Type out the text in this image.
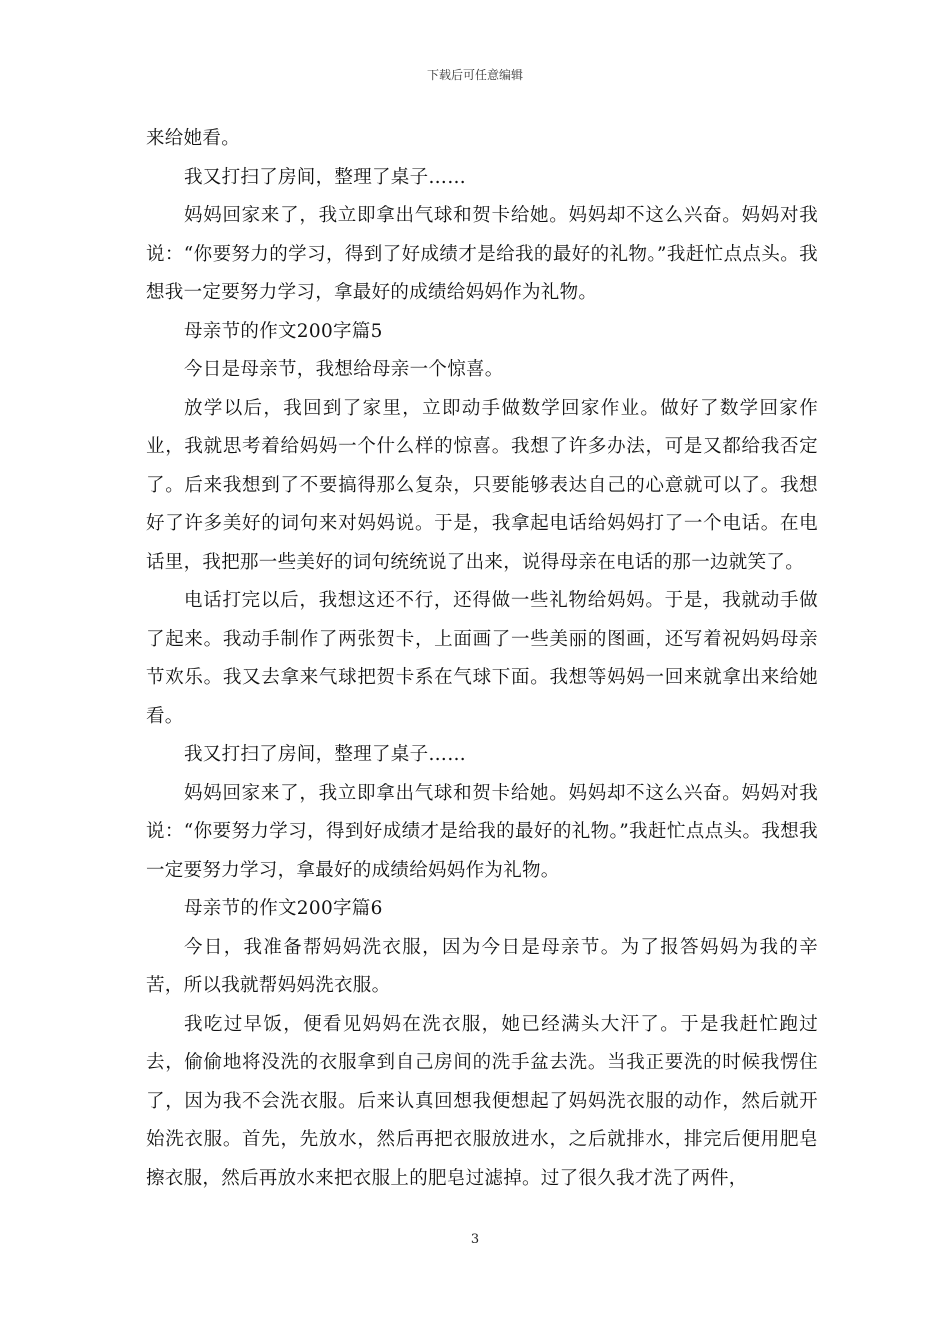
下载后可任意编辑

来给她看。

我又打扫了房间，整理了桌子……

妈妈回家来了，我立即拿出气球和贺卡给她。妈妈却不这么兴奋。妈妈对我说：“你要努力的学习，得到了好成绩才是给我的最好的礼物。”我赶忙点点头。我想我一定要努力学习，拿最好的成绩给妈妈作为礼物。

母亲节的作文200字篇5

今日是母亲节，我想给母亲一个惊喜。

放学以后，我回到了家里，立即动手做数学回家作业。做好了数学回家作业，我就思考着给妈妈一个什么样的惊喜。我想了许多办法，可是又都给我否定了。后来我想到了不要搞得那么复杂，只要能够表达自己的心意就可以了。我想好了许多美好的词句来对妈妈说。于是，我拿起电话给妈妈打了一个电话。在电话里，我把那一些美好的词句统统说了出来，说得母亲在电话的那一边就笑了。

电话打完以后，我想这还不行，还得做一些礼物给妈妈。于是，我就动手做了起来。我动手制作了两张贺卡，上面画了一些美丽的图画，还写着祝妈妈母亲节欢乐。我又去拿来气球把贺卡系在气球下面。我想等妈妈一回来就拿出来给她看。

我又打扫了房间，整理了桌子……

妈妈回家来了，我立即拿出气球和贺卡给她。妈妈却不这么兴奋。妈妈对我说：“你要努力学习，得到好成绩才是给我的最好的礼物。”我赶忙点点头。我想我一定要努力学习，拿最好的成绩给妈妈作为礼物。

母亲节的作文200字篇6

今日，我准备帮妈妈洗衣服，因为今日是母亲节。为了报答妈妈为我的辛苦，所以我就帮妈妈洗衣服。

我吃过早饭，便看见妈妈在洗衣服，她已经满头大汗了。于是我赶忙跑过去，偷偷地将没洗的衣服拿到自己房间的洗手盆去洗。当我正要洗的时候我愣住了，因为我不会洗衣服。后来认真回想我便想起了妈妈洗衣服的动作，然后就开始洗衣服。首先，先放水，然后再把衣服放进水，之后就排水，排完后便用肥皂擦衣服，然后再放水来把衣服上的肥皂过滤掉。过了很久我才洗了两件，

3
